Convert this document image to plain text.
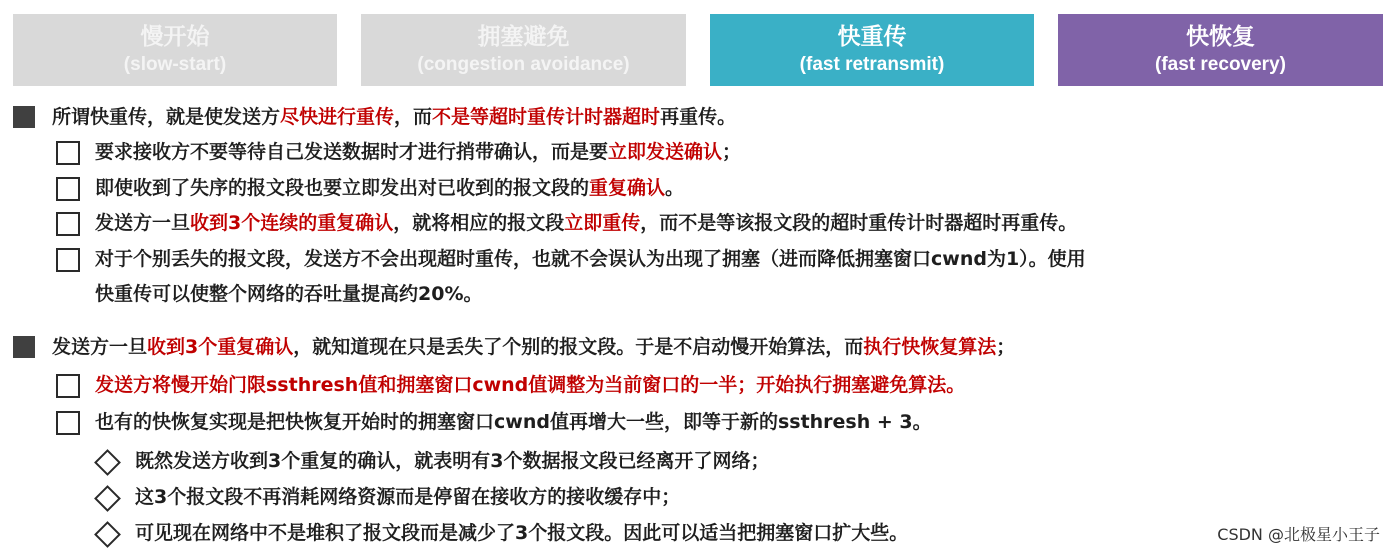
慢开始
(slow-start)
拥塞避免
(congestion avoidance)
快重传
(fast retransmit)
快恢复
(fast recovery)
所谓快重传，就是使发送方尽快进行重传，而不是等超时重传计时器超时再重传。
要求接收方不要等待自己发送数据时才进行捎带确认，而是要立即发送确认；
即使收到了失序的报文段也要立即发出对已收到的报文段的重复确认。
发送方一旦收到3个连续的重复确认，就将相应的报文段立即重传，而不是等该报文段的超时重传计时器超时再重传。
对于个别丢失的报文段，发送方不会出现超时重传，也就不会误认为出现了拥塞（进而降低拥塞窗口cwnd为1）。使用
快重传可以使整个网络的吞吐量提高约20%。
发送方一旦收到3个重复确认，就知道现在只是丢失了个别的报文段。于是不启动慢开始算法，而执行快恢复算法；
发送方将慢开始门限ssthresh值和拥塞窗口cwnd值调整为当前窗口的一半；开始执行拥塞避免算法。
也有的快恢复实现是把快恢复开始时的拥塞窗口cwnd值再增大一些，即等于新的ssthresh + 3。
既然发送方收到3个重复的确认，就表明有3个数据报文段已经离开了网络；
这3个报文段不再消耗网络资源而是停留在接收方的接收缓存中；
可见现在网络中不是堆积了报文段而是减少了3个报文段。因此可以适当把拥塞窗口扩大些。	CSDN @北极星小王子
